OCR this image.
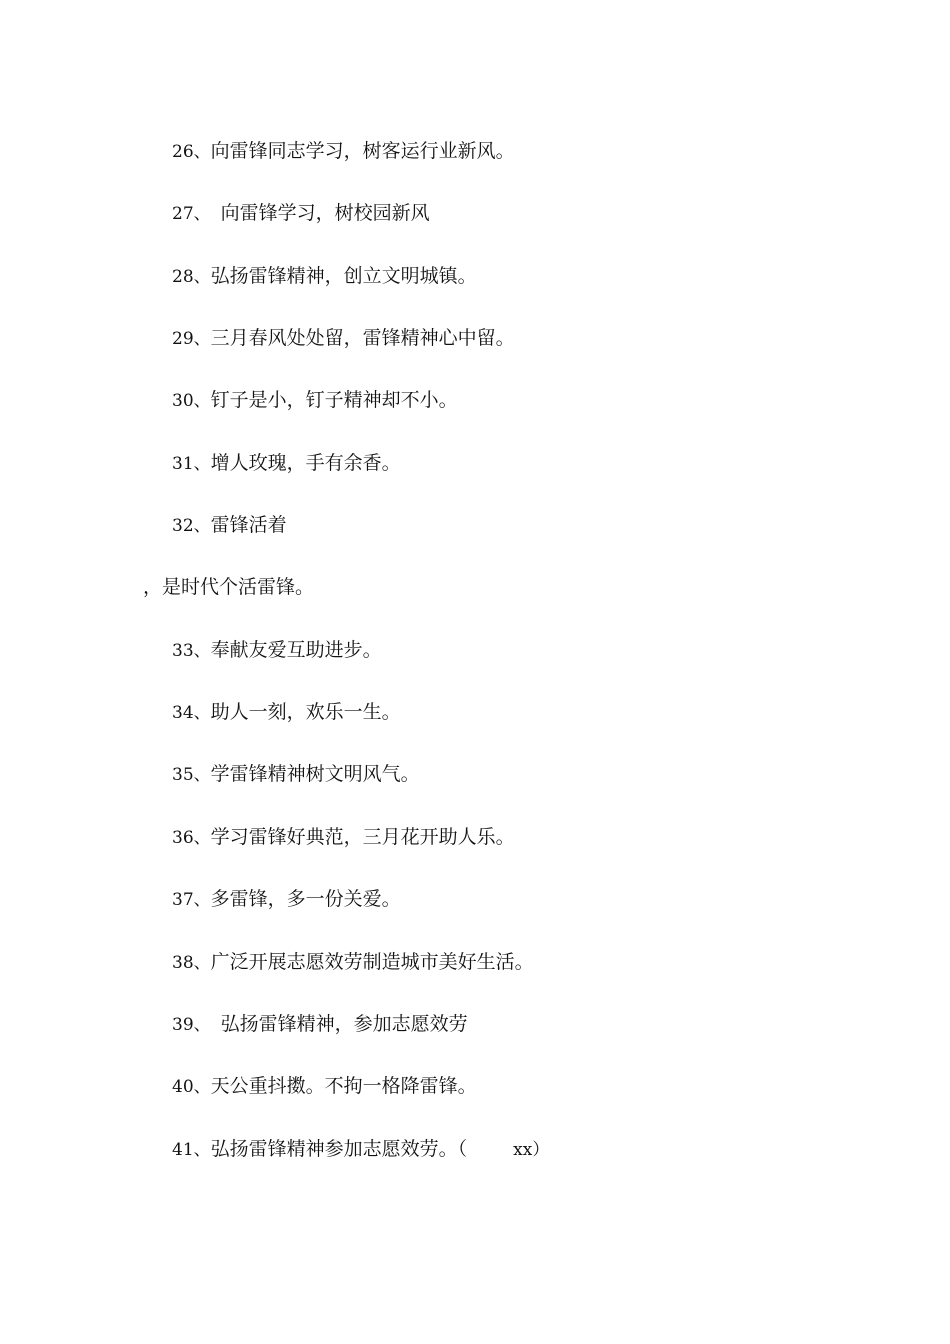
26、向雷锋同志学习，树客运行业新风。
27、 向雷锋学习，树校园新风
28、弘扬雷锋精神，创立文明城镇。
29、三月春风处处留，雷锋精神心中留。
30、钉子是小，钉子精神却不小。
31、增人玫瑰，手有余香。
32、雷锋活着
，是时代个活雷锋。
33、奉献友爱互助进步。
34、助人一刻，欢乐一生。
35、学雷锋精神树文明风气。
36、学习雷锋好典范，三月花开助人乐。
37、多雷锋，多一份关爱。
38、广泛开展志愿效劳制造城市美好生活。
39、 弘扬雷锋精神，参加志愿效劳
40、天公重抖擞。不拘一格降雷锋。
41、弘扬雷锋精神参加志愿效劳。（	xx）
